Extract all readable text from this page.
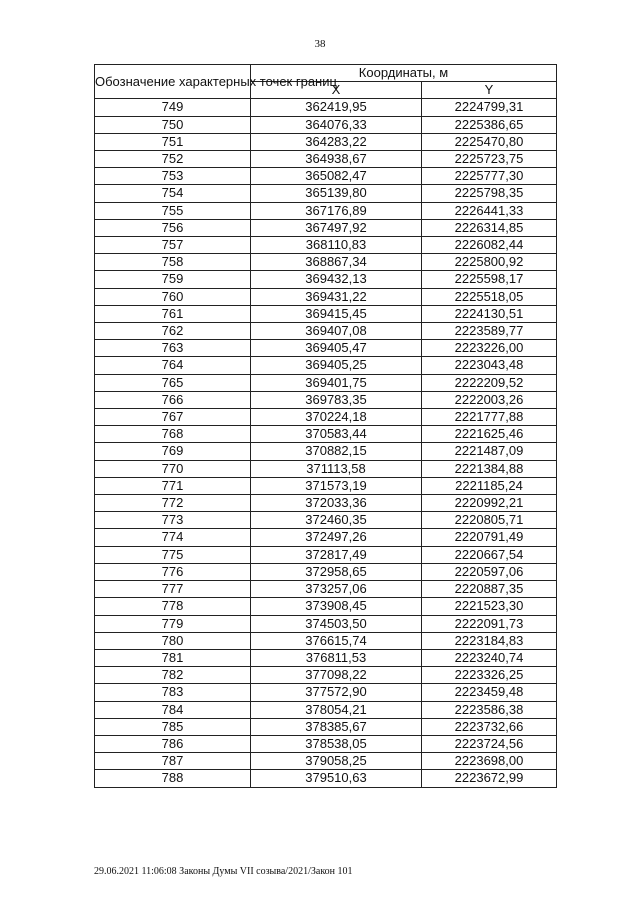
38
Обозначение характерных точек границ	Координаты, м	
	X	Y
749	362419,95	2224799,31
750	364076,33	2225386,65
751	364283,22	2225470,80
752	364938,67	2225723,75
753	365082,47	2225777,30
754	365139,80	2225798,35
755	367176,89	2226441,33
756	367497,92	2226314,85
757	368110,83	2226082,44
758	368867,34	2225800,92
759	369432,13	2225598,17
760	369431,22	2225518,05
761	369415,45	2224130,51
762	369407,08	2223589,77
763	369405,47	2223226,00
764	369405,25	2223043,48
765	369401,75	2222209,52
766	369783,35	2222003,26
767	370224,18	2221777,88
768	370583,44	2221625,46
769	370882,15	2221487,09
770	371113,58	2221384,88
771	371573,19	2221185,24
772	372033,36	2220992,21
773	372460,35	2220805,71
774	372497,26	2220791,49
775	372817,49	2220667,54
776	372958,65	2220597,06
777	373257,06	2220887,35
778	373908,45	2221523,30
779	374503,50	2222091,73
780	376615,74	2223184,83
781	376811,53	2223240,74
782	377098,22	2223326,25
783	377572,90	2223459,48
784	378054,21	2223586,38
785	378385,67	2223732,66
786	378538,05	2223724,56
787	379058,25	2223698,00
788	379510,63	2223672,99
29.06.2021 11:06:08 Законы Думы VII созыва/2021/Закон 101
